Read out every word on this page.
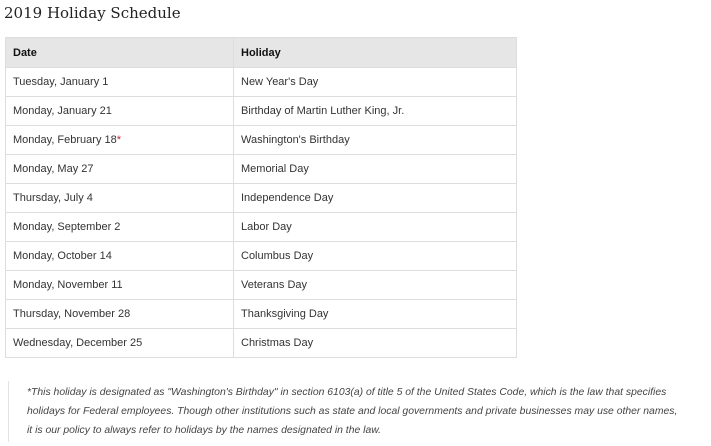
2019 Holiday Schedule
Date	Holiday
Tuesday, January 1	New Year's Day
Monday, January 21	Birthday of Martin Luther King, Jr.
Monday, February 18*	Washington's Birthday
Monday, May 27	Memorial Day
Thursday, July 4	Independence Day
Monday, September 2	Labor Day
Monday, October 14	Columbus Day
Monday, November 11	Veterans Day
Thursday, November 28	Thanksgiving Day
Wednesday, December 25	Christmas Day
*This holiday is designated as "Washington's Birthday" in section 6103(a) of title 5 of the United States Code, which is the law that specifies
holidays for Federal employees. Though other institutions such as state and local governments and private businesses may use other names,
it is our policy to always refer to holidays by the names designated in the law.
